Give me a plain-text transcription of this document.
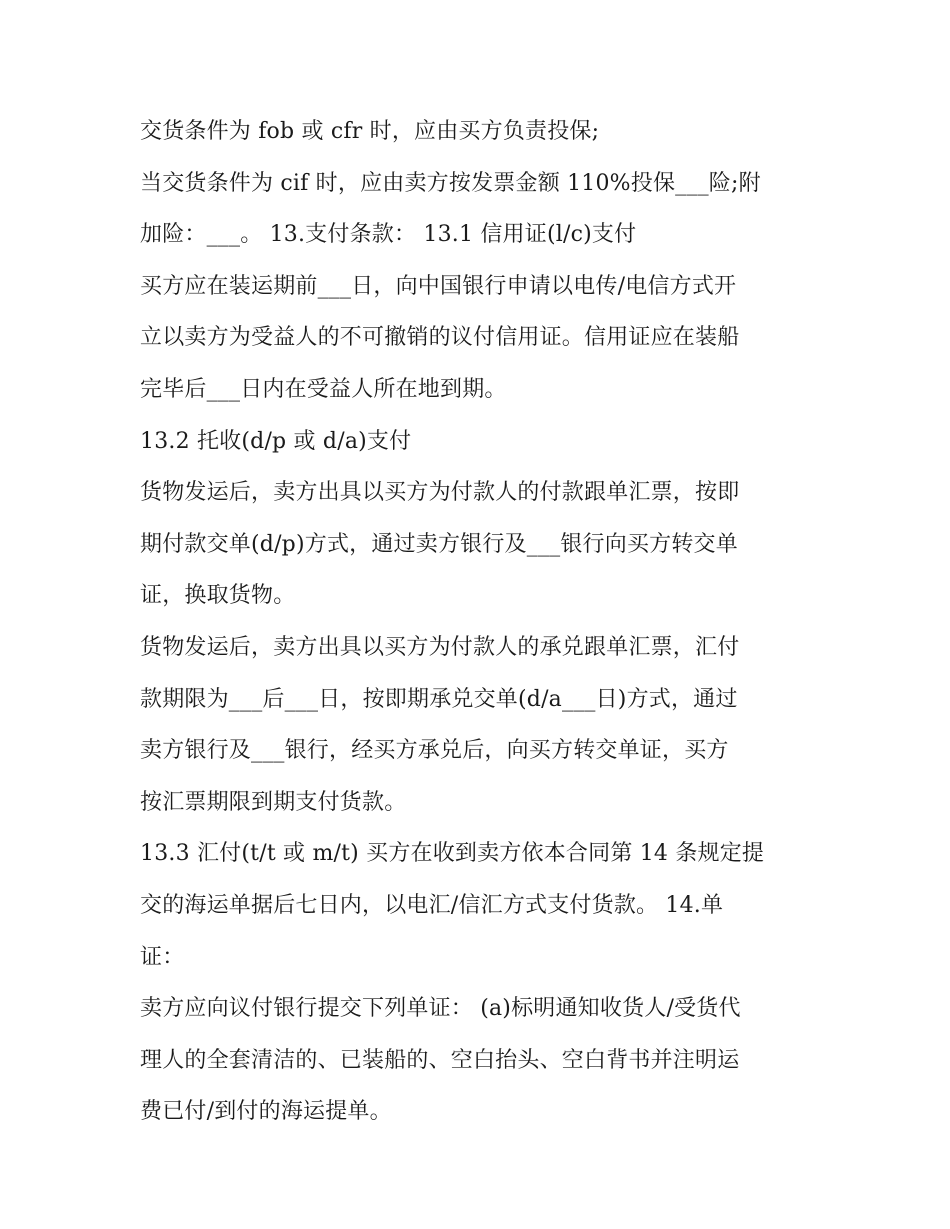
交货条件为 fob 或 cfr 时，应由买方负责投保;
当交货条件为 cif 时，应由卖方按发票金额 110%投保___险;附
加险：___。 13.支付条款： 13.1 信用证(l/c)支付
买方应在装运期前___日，向中国银行申请以电传/电信方式开
立以卖方为受益人的不可撤销的议付信用证。信用证应在装船
完毕后___日内在受益人所在地到期。
13.2 托收(d/p 或 d/a)支付
货物发运后，卖方出具以买方为付款人的付款跟单汇票，按即
期付款交单(d/p)方式，通过卖方银行及___银行向买方转交单
证，换取货物。
货物发运后，卖方出具以买方为付款人的承兑跟单汇票，汇付
款期限为___后___日，按即期承兑交单(d/a___日)方式，通过
卖方银行及___银行，经买方承兑后，向买方转交单证，买方
按汇票期限到期支付货款。
13.3 汇付(t/t 或 m/t) 买方在收到卖方依本合同第 14 条规定提
交的海运单据后七日内，以电汇/信汇方式支付货款。 14.单
证：
卖方应向议付银行提交下列单证： (a)标明通知收货人/受货代
理人的全套清洁的、已装船的、空白抬头、空白背书并注明运
费已付/到付的海运提单。
